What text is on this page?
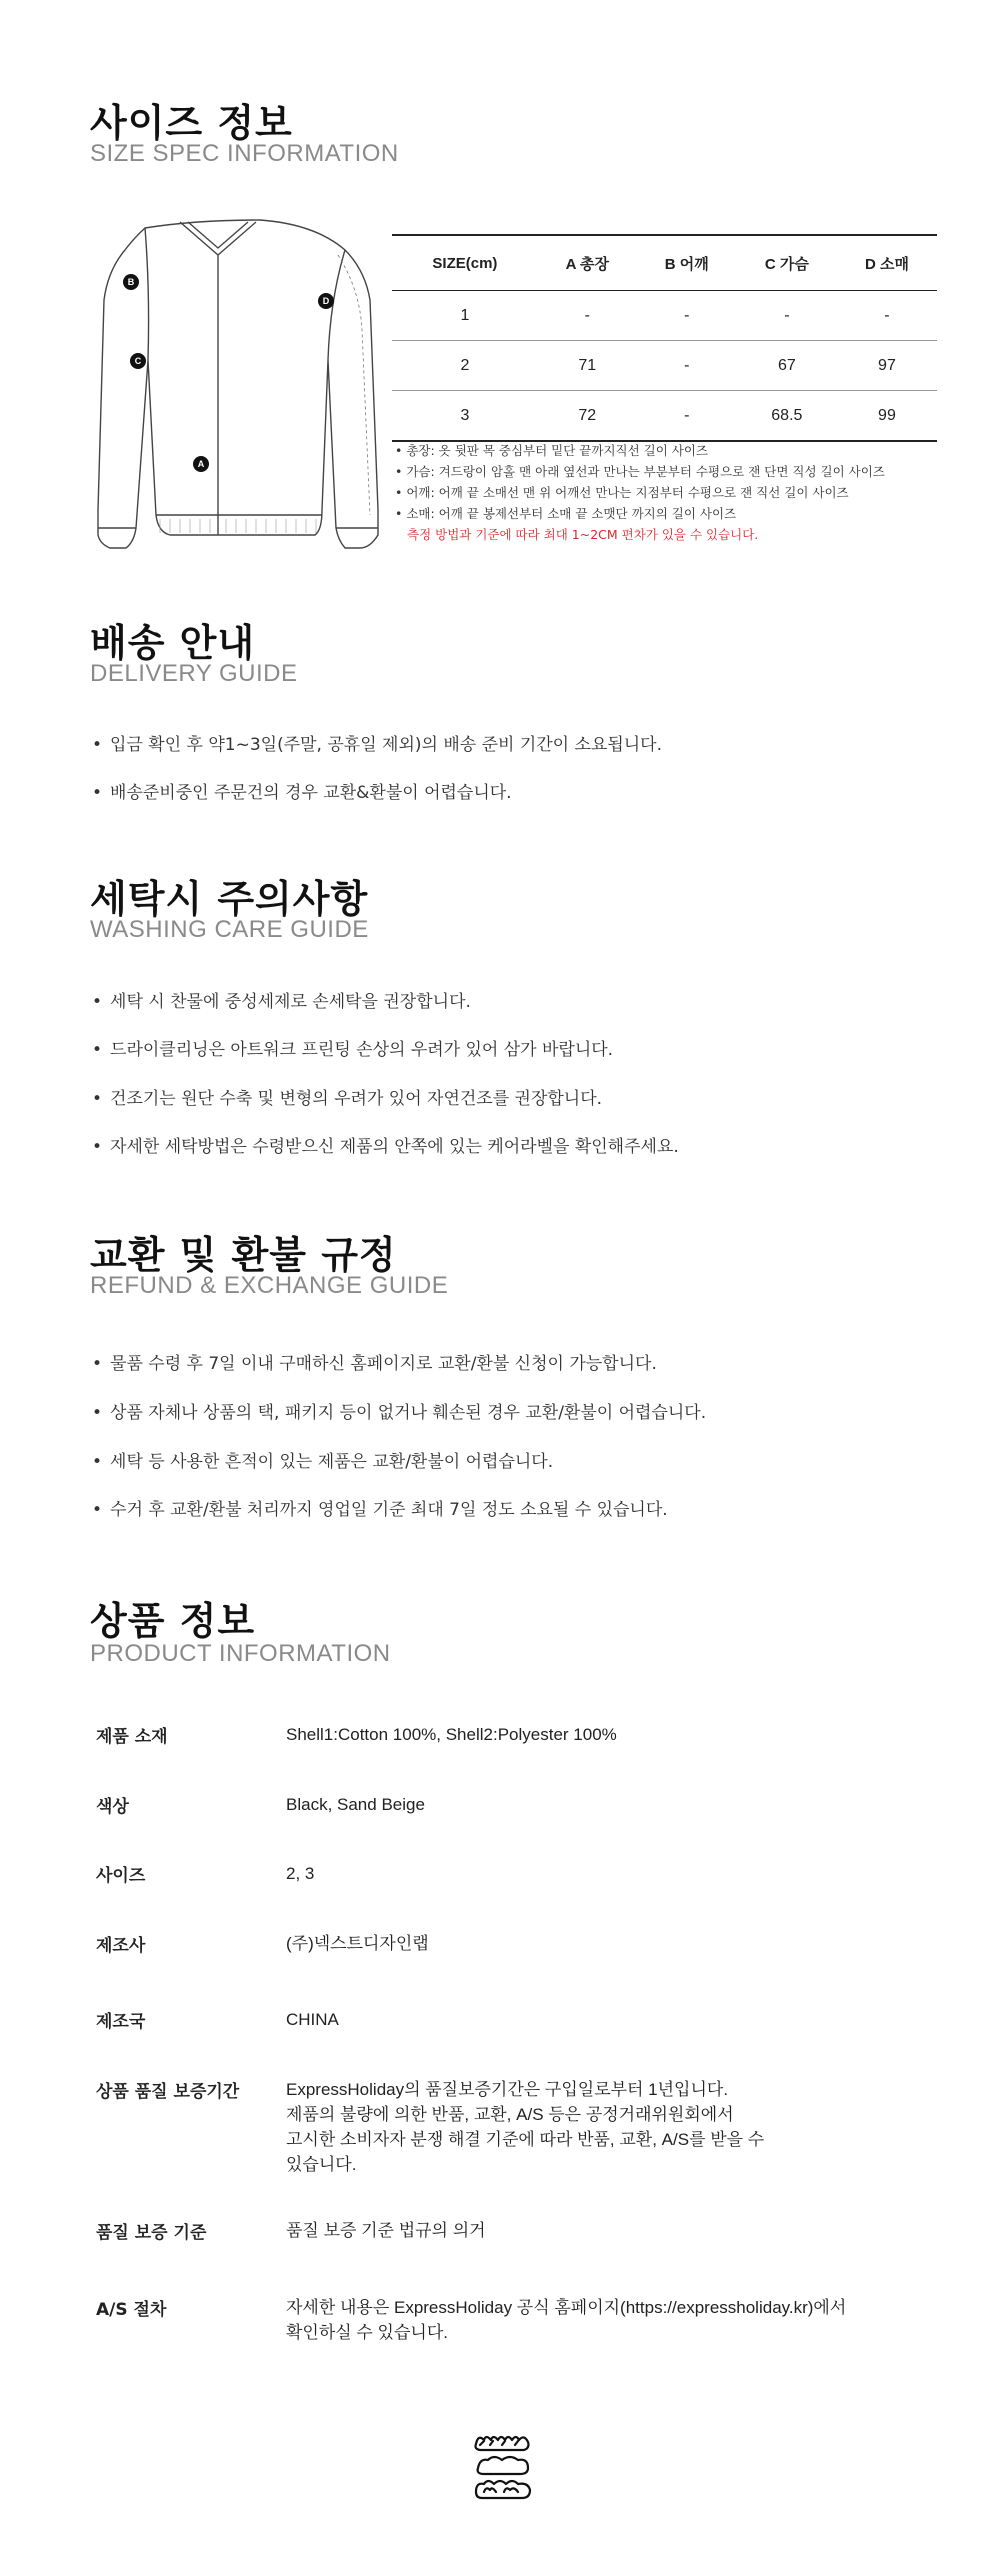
사이즈 정보
SIZE SPEC INFORMATION
B
C
D
A
SIZE(cm)	A 총장	B 어깨	C 가슴	D 소매
1	-	-	-	-
2	71	-	67	97
3	72	-	68.5	99
• 총장: 옷 뒷판 목 중심부터 밑단 끝까지직선 길이 사이즈
• 가슴: 겨드랑이 암홀 맨 아래 옆선과 만나는 부분부터 수평으로 잰 단면 직성 길이 사이즈
• 어깨: 어깨 끝 소매선 맨 위 어깨선 만나는 지점부터 수평으로 잰 직선 길이 사이즈
• 소매: 어깨 끝 봉제선부터 소매 끝 소맷단 까지의 길이 사이즈
측정 방법과 기준에 따라 최대 1~2CM 편차가 있을 수 있습니다.
배송 안내
DELIVERY GUIDE
• 입금 확인 후 약1~3일(주말, 공휴일 제외)의 배송 준비 기간이 소요됩니다.
• 배송준비중인 주문건의 경우 교환&환불이 어렵습니다.
세탁시 주의사항
WASHING CARE GUIDE
• 세탁 시 찬물에 중성세제로 손세탁을 권장합니다.
• 드라이클리닝은 아트워크 프린팅 손상의 우려가 있어 삼가 바랍니다.
• 건조기는 원단 수축 및 변형의 우려가 있어 자연건조를 권장합니다.
• 자세한 세탁방법은 수령받으신 제품의 안쪽에 있는 케어라벨을 확인해주세요.
교환 및 환불 규정
REFUND & EXCHANGE GUIDE
• 물품 수령 후 7일 이내 구매하신 홈페이지로 교환/환불 신청이 가능합니다.
• 상품 자체나 상품의 택, 패키지 등이 없거나 훼손된 경우 교환/환불이 어렵습니다.
• 세탁 등 사용한 흔적이 있는 제품은 교환/환불이 어렵습니다.
• 수거 후 교환/환불 처리까지 영업일 기준 최대 7일 정도 소요될 수 있습니다.
상품 정보
PRODUCT INFORMATION
제품 소재	Shell1:Cotton 100%, Shell2:Polyester 100%
색상	Black, Sand Beige
사이즈	2, 3
제조사	(주)넥스트디자인랩
제조국	CHINA
상품 품질 보증기간	ExpressHoliday의 품질보증기간은 구입일로부터 1년입니다.
제품의 불량에 의한 반품, 교환, A/S 등은 공정거래위원회에서
고시한 소비자자 분쟁 해결 기준에 따라 반품, 교환, A/S를 받을 수
있습니다.
품질 보증 기준	품질 보증 기준 법규의 의거
A/S 절차	자세한 내용은 ExpressHoliday 공식 홈페이지(https://expressholiday.kr)에서
확인하실 수 있습니다.
